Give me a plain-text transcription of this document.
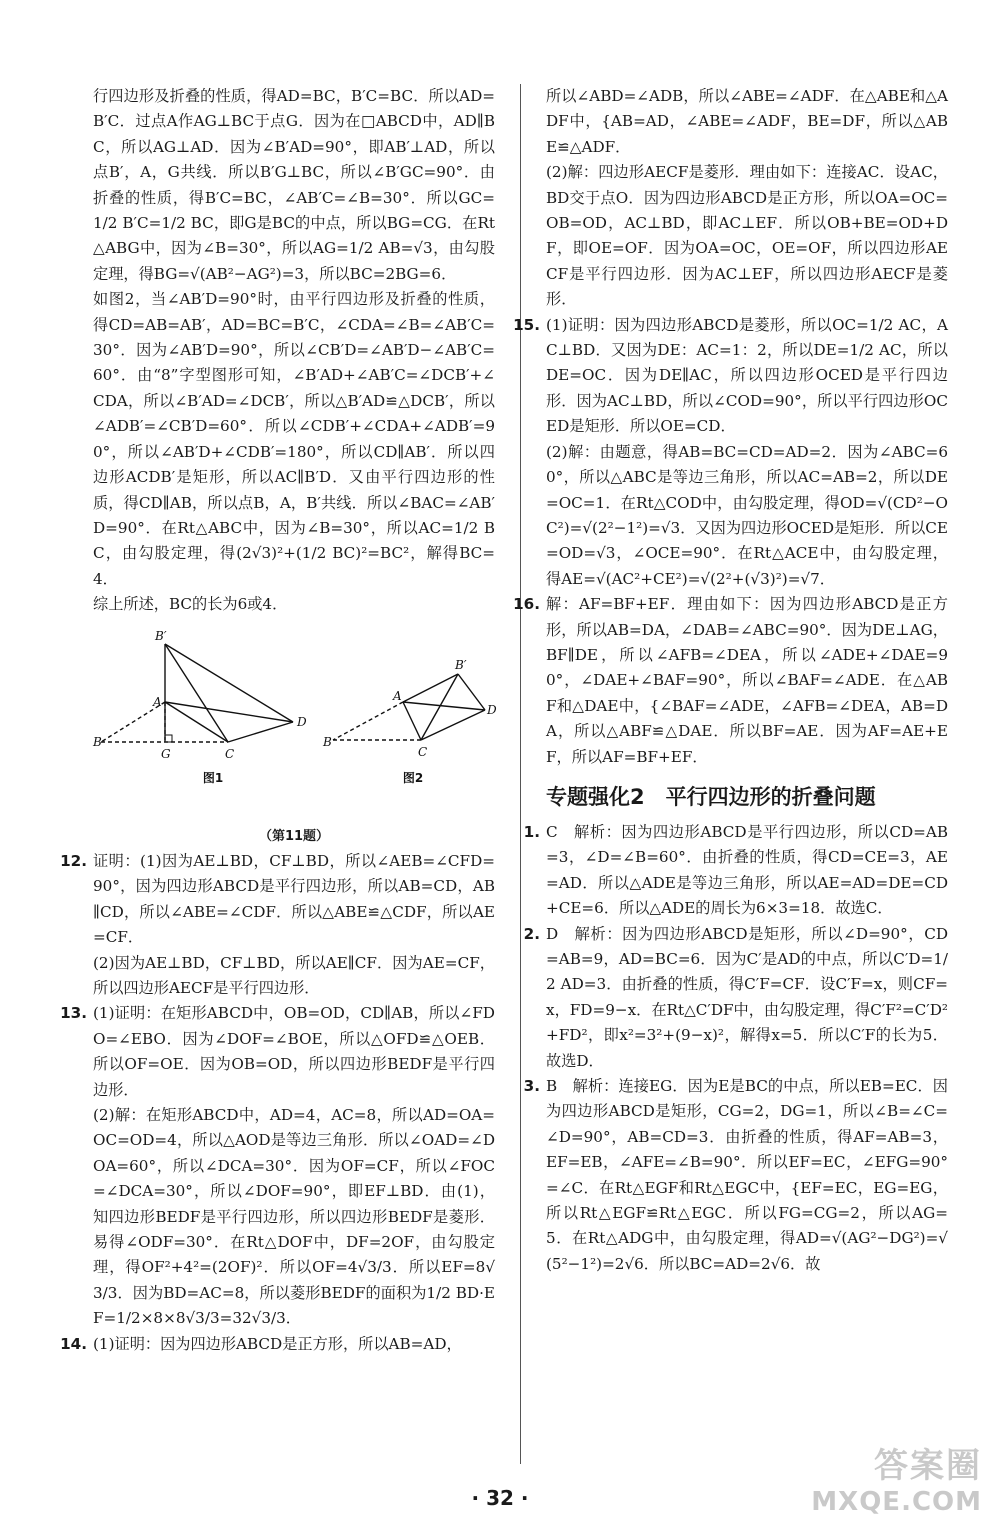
行四边形及折叠的性质，得AD=BC，B′C=BC．所以AD=B′C．过点A作AG⊥BC于点G．因为在□ABCD中，AD∥BC，所以AG⊥AD．因为∠B′AD=90°，即AB′⊥AD，所以点B′，A，G共线．所以B′G⊥BC，所以∠B′GC=90°．由折叠的性质，得B′C=BC，∠AB′C=∠B=30°．所以GC=1/2 B′C=1/2 BC，即G是BC的中点，所以BG=CG．在Rt△ABG中，因为∠B=30°，所以AG=1/2 AB=√3，由勾股定理，得BG=√(AB²−AG²)=3，所以BC=2BG=6．

如图2，当∠AB′D=90°时，由平行四边形及折叠的性质，得CD=AB=AB′，AD=BC=B′C，∠CDA=∠B=∠AB′C=30°．因为∠AB′D=90°，所以∠CB′D=∠AB′D−∠AB′C=60°．由“8”字型图形可知，∠B′AD+∠AB′C=∠DCB′+∠CDA，所以∠B′AD=∠DCB′，所以△B′AD≌△DCB′，所以∠ADB′=∠CB′D=60°．所以∠CDB′+∠CDA+∠ADB′=90°，所以∠AB′D+∠CDB′=180°，所以CD∥AB′．所以四边形ACDB′是矩形，所以AC∥B′D．又由平行四边形的性质，得CD∥AB，所以点B，A，B′共线．所以∠BAC=∠AB′D=90°．在Rt△ABC中，因为∠B=30°，所以AC=1/2 BC，由勾股定理，得(2√3)²+(1/2 BC)²=BC²，解得BC=4．

综上所述，BC的长为6或4．

B′
A
D
B
G	C
B′
A
D
B
C
图1	图2
（第11题）
12. 证明：(1)因为AE⊥BD，CF⊥BD，所以∠AEB=∠CFD=90°，因为四边形ABCD是平行四边形，所以AB=CD，AB∥CD，所以∠ABE=∠CDF．所以△ABE≌△CDF，所以AE=CF．

(2)因为AE⊥BD，CF⊥BD，所以AE∥CF．因为AE=CF，所以四边形AECF是平行四边形．

13. (1)证明：在矩形ABCD中，OB=OD，CD∥AB，所以∠FDO=∠EBO．因为∠DOF=∠BOE，所以△OFD≌△OEB．所以OF=OE．因为OB=OD，所以四边形BEDF是平行四边形．

(2)解：在矩形ABCD中，AD=4，AC=8，所以AD=OA=OC=OD=4，所以△AOD是等边三角形．所以∠OAD=∠DOA=60°，所以∠DCA=30°．因为OF=CF，所以∠FOC=∠DCA=30°，所以∠DOF=90°，即EF⊥BD．由(1)，知四边形BEDF是平行四边形，所以四边形BEDF是菱形．易得∠ODF=30°．在Rt△DOF中，DF=2OF，由勾股定理，得OF²+4²=(2OF)²．所以OF=4√3/3．所以EF=8√3/3．因为BD=AC=8，所以菱形BEDF的面积为1/2 BD·EF=1/2×8×8√3/3=32√3/3．

14. (1)证明：因为四边形ABCD是正方形，所以AB=AD，

所以∠ABD=∠ADB，所以∠ABE=∠ADF．在△ABE和△ADF中，{AB=AD，∠ABE=∠ADF，BE=DF，所以△ABE≌△ADF．

(2)解：四边形AECF是菱形．理由如下：连接AC．设AC，BD交于点O．因为四边形ABCD是正方形，所以OA=OC=OB=OD，AC⊥BD，即AC⊥EF．所以OB+BE=OD+DF，即OE=OF．因为OA=OC，OE=OF，所以四边形AECF是平行四边形．因为AC⊥EF，所以四边形AECF是菱形．

15. (1)证明：因为四边形ABCD是菱形，所以OC=1/2 AC，AC⊥BD．又因为DE：AC=1：2，所以DE=1/2 AC，所以DE=OC．因为DE∥AC，所以四边形OCED是平行四边形．因为AC⊥BD，所以∠COD=90°，所以平行四边形OCED是矩形．所以OE=CD．

(2)解：由题意，得AB=BC=CD=AD=2．因为∠ABC=60°，所以△ABC是等边三角形，所以AC=AB=2，所以DE=OC=1．在Rt△COD中，由勾股定理，得OD=√(CD²−OC²)=√(2²−1²)=√3．又因为四边形OCED是矩形．所以CE=OD=√3，∠OCE=90°．在Rt△ACE中，由勾股定理，得AE=√(AC²+CE²)=√(2²+(√3)²)=√7．

16. 解：AF=BF+EF．理由如下：因为四边形ABCD是正方形，所以AB=DA，∠DAB=∠ABC=90°．因为DE⊥AG，BF∥DE，所以∠AFB=∠DEA，所以∠ADE+∠DAE=90°，∠DAE+∠BAF=90°，所以∠BAF=∠ADE．在△ABF和△DAE中，{∠BAF=∠ADE，∠AFB=∠DEA，AB=DA，所以△ABF≌△DAE．所以BF=AE．因为AF=AE+EF，所以AF=BF+EF．

专题强化2　平行四边形的折叠问题
1. C　解析：因为四边形ABCD是平行四边形，所以CD=AB=3，∠D=∠B=60°．由折叠的性质，得CD=CE=3，AE=AD．所以△ADE是等边三角形，所以AE=AD=DE=CD+CE=6．所以△ADE的周长为6×3=18．故选C．

2. D　解析：因为四边形ABCD是矩形，所以∠D=90°，CD=AB=9，AD=BC=6．因为C′是AD的中点，所以C′D=1/2 AD=3．由折叠的性质，得C′F=CF．设C′F=x，则CF=x，FD=9−x．在Rt△C′DF中，由勾股定理，得C′F²=C′D²+FD²，即x²=3²+(9−x)²，解得x=5．所以C′F的长为5．故选D．

3. B　解析：连接EG．因为E是BC的中点，所以EB=EC．因为四边形ABCD是矩形，CG=2，DG=1，所以∠B=∠C=∠D=90°，AB=CD=3．由折叠的性质，得AF=AB=3，EF=EB，∠AFE=∠B=90°．所以EF=EC，∠EFG=90°=∠C．在Rt△EGF和Rt△EGC中，{EF=EC，EG=EG，所以Rt△EGF≌Rt△EGC．所以FG=CG=2，所以AG=5．在Rt△ADG中，由勾股定理，得AD=√(AG²−DG²)=√(5²−1²)=2√6．所以BC=AD=2√6．故

· 32 ·
答案圈
MXQE.COM
